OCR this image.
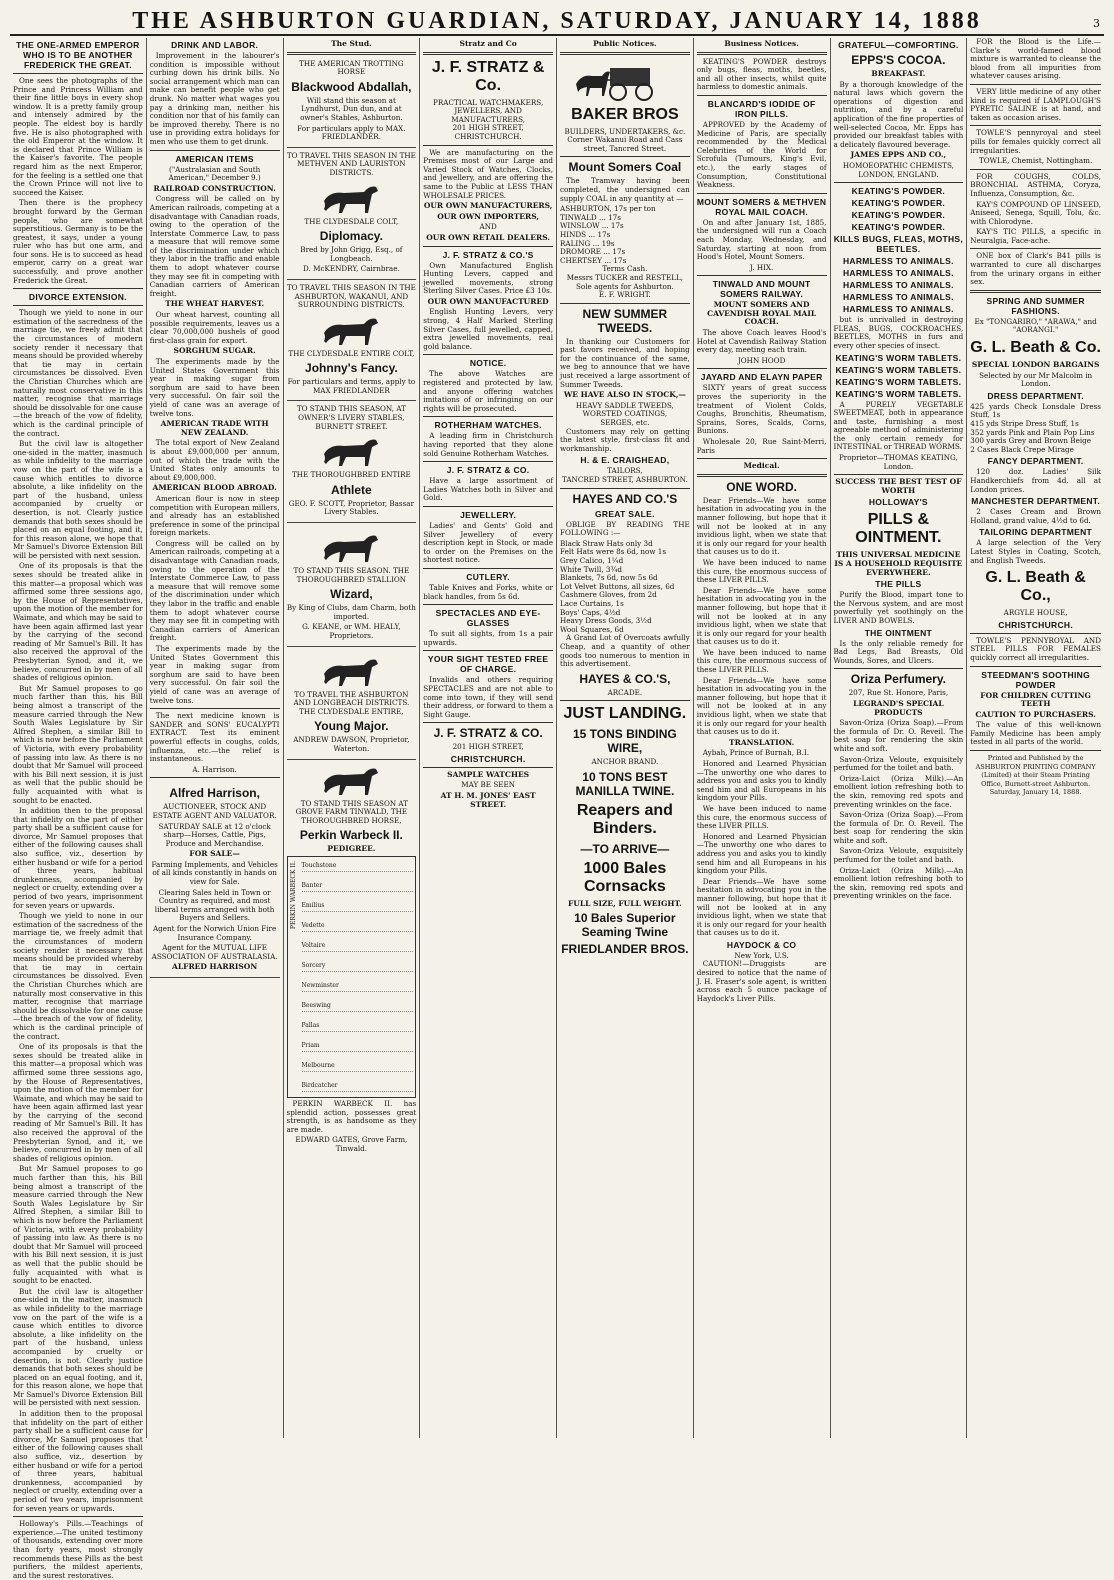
THE ASHBURTON GUARDIAN, SATURDAY, JANUARY 14, 1888	3
THE ONE-ARMED EMPEROR WHO IS TO BE ANOTHER FREDERICK THE GREAT.

One sees the photographs of the Prince and Princess William and their fine little boys in every shop window. It is a pretty family group and intensely admired by the people. The eldest boy is hardly five. He is also photographed with the old Emperor at the window. It is declared that Prince William is the Kaiser's favorite. The people regard him as the next Emperor, for the feeling is a settled one that the Crown Prince will not live to succeed the Kaiser.

Then there is the prophecy brought forward by the German people, who are somewhat superstitious. Germany is to be the greatest, it says, under a young ruler who has but one arm, and four sons. He is to succeed as head emperor, carry on a great war successfully, and prove another Frederick the Great.

DIVORCE EXTENSION.

Though we yield to none in our estimation of the sacredness of the marriage tie, we freely admit that the circumstances of modern society render it necessary that means should be provided whereby that tie may in certain circumstances be dissolved. Even the Christian Churches which are naturally most conservative in this matter, recognise that marriage should be dissolvable for one cause—the breach of the vow of fidelity, which is the cardinal principle of the contract.

But the civil law is altogether one-sided in the matter, inasmuch as while infidelity to the marriage vow on the part of the wife is a cause which entitles to divorce absolute, a like infidelity on the part of the husband, unless accompanied by cruelty or desertion, is not. Clearly justice demands that both sexes should be placed on an equal footing, and it, for this reason alone, we hope that Mr Samuel's Divorce Extension Bill will be persisted with next session.

One of its proposals is that the sexes should be treated alike in this matter—a proposal which was affirmed some three sessions ago, by the House of Representatives, upon the motion of the member for Waimate, and which may be said to have been again affirmed last year by the carrying of the second reading of Mr Samuel's Bill. It has also received the approval of the Presbyterian Synod, and it, we believe, concurred in by men of all shades of religious opinion.

But Mr Samuel proposes to go much farther than this, his Bill being almost a transcript of the measure carried through the New South Wales Legislature by Sir Alfred Stephen, a similar Bill to which is now before the Parliament of Victoria, with every probability of passing into law. As there is no doubt that Mr Samuel will proceed with his Bill next session, it is just as well that the public should be fully acquainted with what is sought to be enacted.

In addition then to the proposal that infidelity on the part of either party shall be a sufficient cause for divorce, Mr Samuel proposes that either of the following causes shall also suffice, viz., desertion by either husband or wife for a period of three years, habitual drunkenness, accompanied by neglect or cruelty, extending over a period of two years, imprisonment for seven years or upwards.

Though we yield to none in our estimation of the sacredness of the marriage tie, we freely admit that the circumstances of modern society render it necessary that means should be provided whereby that tie may in certain circumstances be dissolved. Even the Christian Churches which are naturally most conservative in this matter, recognise that marriage should be dissolvable for one cause—the breach of the vow of fidelity, which is the cardinal principle of the contract.

One of its proposals is that the sexes should be treated alike in this matter—a proposal which was affirmed some three sessions ago, by the House of Representatives, upon the motion of the member for Waimate, and which may be said to have been again affirmed last year by the carrying of the second reading of Mr Samuel's Bill. It has also received the approval of the Presbyterian Synod, and it, we believe, concurred in by men of all shades of religious opinion.

But Mr Samuel proposes to go much farther than this, his Bill being almost a transcript of the measure carried through the New South Wales Legislature by Sir Alfred Stephen, a similar Bill to which is now before the Parliament of Victoria, with every probability of passing into law. As there is no doubt that Mr Samuel will proceed with his Bill next session, it is just as well that the public should be fully acquainted with what is sought to be enacted.

But the civil law is altogether one-sided in the matter, inasmuch as while infidelity to the marriage vow on the part of the wife is a cause which entitles to divorce absolute, a like infidelity on the part of the husband, unless accompanied by cruelty or desertion, is not. Clearly justice demands that both sexes should be placed on an equal footing, and it, for this reason alone, we hope that Mr Samuel's Divorce Extension Bill will be persisted with next session.

In addition then to the proposal that infidelity on the part of either party shall be a sufficient cause for divorce, Mr Samuel proposes that either of the following causes shall also suffice, viz., desertion by either husband or wife for a period of three years, habitual drunkenness, accompanied by neglect or cruelty, extending over a period of two years, imprisonment for seven years or upwards.

Holloway's Pills.—Teachings of experience.—The united testimony of thousands, extending over more than forty years, most strongly recommends these Pills as the best purifiers, the mildest aperients, and the surest restoratives.

DRINK AND LABOR.

Improvement in the labourer's condition is impossible without curbing down his drink bills. No social arrangement which man can make can benefit people who get drunk. No matter what wages you pay a drinking man, neither his condition nor that of his family can be improved thereby. There is no use in providing extra holidays for men who use them to get drunk.

AMERICAN ITEMS
("Australasian and South American," December 9.)
RAILROAD CONSTRUCTION.

Congress will be called on by American railroads, competing at a disadvantage with Canadian roads, owing to the operation of the Interstate Commerce Law, to pass a measure that will remove some of the discrimination under which they labor in the traffic and enable them to adopt whatever course they may see fit in competing with Canadian carriers of American freight.

THE WHEAT HARVEST.

Our wheat harvest, counting all possible requirements, leaves us a clear 70,000,000 bushels of good first-class grain for export.

SORGHUM SUGAR.

The experiments made by the United States Government this year in making sugar from sorghum are said to have been very successful. On fair soil the yield of cane was an average of twelve tons.

AMERICAN TRADE WITH NEW ZEALAND.

The total export of New Zealand is about £9,000,000 per annum, out of which the trade with the United States only amounts to about £9,000,000.

AMERICAN BLOOD ABROAD.

American flour is now in steep competition with European millers, and already has an established preference in some of the principal foreign markets.

Congress will be called on by American railroads, competing at a disadvantage with Canadian roads, owing to the operation of the Interstate Commerce Law, to pass a measure that will remove some of the discrimination under which they labor in the traffic and enable them to adopt whatever course they may see fit in competing with Canadian carriers of American freight.

The experiments made by the United States Government this year in making sugar from sorghum are said to have been very successful. On fair soil the yield of cane was an average of twelve tons.

The next medicine known is SANDER and SONS' EUCALYPTI EXTRACT. Test its eminent powerful effects in coughs, colds, influenza, etc.—the relief is instantaneous.

A. Harrison.
Alfred Harrison,

AUCTIONEER, STOCK AND ESTATE AGENT AND VALUATOR.

SATURDAY SALE at 12 o'clock sharp—Horses, Cattle, Pigs, Produce and Merchandise.

FOR SALE—

Farming Implements, and Vehicles of all kinds constantly in hands on view for Sale.

Clearing Sales held in Town or Country as required, and most liberal terms arranged with both Buyers and Sellers.

Agent for the Norwich Union Fire Insurance Company.

Agent for the MUTUAL LIFE ASSOCIATION OF AUSTRALASIA.

ALFRED HARRISON
The Stud.

THE AMERICAN TROTTING HORSE

Blackwood Abdallah,

Will stand this season at Lyndhurst, Dun dun, and at owner's Stables, Ashburton.

For particulars apply to MAX. FRIEDLANDER.

TO TRAVEL THIS SEASON IN THE METHVEN AND LAURISTON DISTRICTS.

THE CLYDESDALE COLT,

Diplomacy.

Bred by John Grigg, Esq., of Longbeach.

D. McKENDRY, Cairnbrae.

TO TRAVEL THIS SEASON IN THE ASHBURTON, WAKANUI, AND SURROUNDING DISTRICTS.

THE CLYDESDALE ENTIRE COLT,

Johnny's Fancy.

For particulars and terms, apply to MAX FRIEDLANDER

TO STAND THIS SEASON, AT OWNER'S LIVERY STABLES, BURNETT STREET.

THE THOROUGHBRED ENTIRE

Athlete

GEO. F. SCOTT, Proprietor, Bassar Livery Stables.

TO STAND THIS SEASON. THE THOROUGHBRED STALLION

Wizard,

By King of Clubs, dam Charm, both imported.

G. KEANE, or WM. HEALY, Proprietors.

TO TRAVEL THE ASHBURTON AND LONGBEACH DISTRICTS. THE CLYDESDALE ENTIRE,

Young Major.

ANDREW DAWSON, Proprietor, Waterton.

TO STAND THIS SEASON AT GROVE FARM TINWALD, THE THOROUGHBRED HORSE,

Perkin Warbeck II.
PEDIGREE.
PERKIN WARBECK II. Touchstone
Banter
Emilius
Vedette
Voltaire
Sorcery
Newminster
Beeswing
Pallas
Priam
Melbourne
Birdcatcher

PERKIN WARBECK II. has splendid action, possesses great strength, is as handsome as they are made.

EDWARD GATES, Grove Farm, Tinwald.
Stratz and Co
J. F. STRATZ & Co.
PRACTICAL WATCHMAKERS, JEWELLERS, AND MANUFACTURERS,
201 HIGH STREET, CHRISTCHURCH.

We are manufacturing on the Premises most of our Large and Varied Stock of Watches, Clocks, and Jewellery, and are offering the same to the Public at LESS THAN WHOLESALE PRICES.

OUR OWN MANUFACTURERS,
OUR OWN IMPORTERS,
AND
OUR OWN RETAIL DEALERS.
J. F. STRATZ & CO.'S

Own Manufactured English Hunting Levers, capped and jewelled movements, strong Sterling Silver Cases. Price £3 10s.

OUR OWN MANUFACTURED

English Hunting Levers, very strong, 4 Half Marked Sterling Silver Cases, full jewelled, capped, extra jewelled movements, real gold balance.

NOTICE.

The above Watches are registered and protected by law, and anyone offering watches imitations of or infringing on our rights will be prosecuted.

ROTHERHAM WATCHES.

A leading firm in Christchurch having reported that they alone sold Genuine Rotherham Watches.

J. F. STRATZ & CO.

Have a large assortment of Ladies Watches both in Silver and Gold.

JEWELLERY.

Ladies' and Gents' Gold and Silver Jewellery of every description kept in Stock, or made to order on the Premises on the shortest notice.

CUTLERY.

Table Knives and Forks, white or black handles, from 5s 6d.

SPECTACLES AND EYE-GLASSES

To suit all sights, from 1s a pair upwards.

YOUR SIGHT TESTED FREE OF CHARGE.

Invalids and others requiring SPECTACLES and are not able to come into town, if they will send their address, or forward to them a Sight Gauge.

J. F. STRATZ & CO.
201 HIGH STREET,
CHRISTCHURCH.
SAMPLE WATCHES
MAY BE SEEN
AT H. M. JONES' EAST STREET.
Public Notices.
BAKER BROS
BUILDERS, UNDERTAKERS, &c.
Corner Wakanui Road and Cass street, Tancred Street.
Mount Somers Coal

The Tramway having been completed, the undersigned can supply COAL in any quantity at —

ASHBURTON, 17s per ton
TINWALD ... 17s
WINSLOW ... 17s
HINDS ... 17s
RALING ... 19s
DROMORE ... 17s
CHERTSEY ... 17s
Terms Cash.
Messrs TUCKER and RESTELL, Sole agents for Ashburton.
E. F. WRIGHT.
NEW SUMMER TWEEDS.

In thanking our Customers for past favors received, and hoping for the continuance of the same, we beg to announce that we have just received a large assortment of Summer Tweeds.

WE HAVE ALSO IN STOCK,—
HEAVY SADDLE TWEEDS,
WORSTED COATINGS,
SERGES, etc.

Customers may rely on getting the latest style, first-class fit and workmanship.

H. & E. CRAIGHEAD,
TAILORS,
TANCRED STREET, ASHBURTON.
HAYES AND CO.'S
GREAT SALE.

OBLIGE BY READING THE FOLLOWING :—

Black Straw Hats only 3d
Felt Hats were 8s 6d, now 1s
Grey Calico, 1¼d
White Twill, 3¾d
Blankets, 7s 6d, now 5s 6d
Lot Velvet Buttons, all sizes, 6d
Cashmere Gloves, from 2d
Lace Curtains, 1s
Boys' Caps, 4½d
Heavy Dress Goods, 3½d
Wool Squares, 6d

A Grand Lot of Overcoats awfully Cheap, and a quantity of other goods too numerous to mention in this advertisement.

HAYES & CO.'S,
ARCADE.
JUST LANDING.
15 TONS BINDING WIRE,
ANCHOR BRAND.
10 TONS BEST MANILLA TWINE.
Reapers and Binders.
—TO ARRIVE—
1000 Bales Cornsacks
FULL SIZE, FULL WEIGHT.
10 Bales Superior Seaming Twine
FRIEDLANDER BROS.
Business Notices.

KEATING'S POWDER destroys only bugs, fleas, moths, beetles, and all other insects, whilst quite harmless to domestic animals.

BLANCARD'S IODIDE OF IRON PILLS.

APPROVED by the Academy of Medicine of Paris, are specially recommended by the Medical Celebrities of the World for Scrofula (Tumours, King's Evil, etc.), the early stages of Consumption, Constitutional Weakness.

MOUNT SOMERS & METHVEN ROYAL MAIL COACH.

On and after January 1st, 1885, the undersigned will run a Coach each Monday, Wednesday, and Saturday, starting at noon from Hood's Hotel, Mount Somers.

J. HIX.
TINWALD AND MOUNT SOMERS RAILWAY.
MOUNT SOMERS AND CAVENDISH ROYAL MAIL COACH.

The above Coach leaves Hood's Hotel at Cavendish Railway Station every day, meeting each train.

JOHN HOOD
JAYARD AND ELAYN PAPER

SIXTY years of great success proves the superiority in the treatment of Violent Colds, Coughs, Bronchitis, Rheumatism, Sprains, Sores, Scalds, Corns, Bunions.

Wholesale 20, Rue Saint-Merri, Paris

Medical.
ONE WORD.

Dear Friends—We have some hesitation in advocating you in the manner following, but hope that it will not be looked at in any invidious light, when we state that it is only our regard for your health that causes us to do it.

We have been induced to name this cure, the enormous success of these LIVER PILLS.

Dear Friends—We have some hesitation in advocating you in the manner following, but hope that it will not be looked at in any invidious light, when we state that it is only our regard for your health that causes us to do it.

We have been induced to name this cure, the enormous success of these LIVER PILLS.

Dear Friends—We have some hesitation in advocating you in the manner following, but hope that it will not be looked at in any invidious light, when we state that it is only our regard for your health that causes us to do it.

TRANSLATION.

Aybah, Prince of Burnah, B.I.

Honored and Learned Physician—The unworthy one who dares to address you and asks you to kindly send him and all Europeans in his kingdom your Pills.

We have been induced to name this cure, the enormous success of these LIVER PILLS.

Honored and Learned Physician—The unworthy one who dares to address you and asks you to kindly send him and all Europeans in his kingdom your Pills.

Dear Friends—We have some hesitation in advocating you in the manner following, but hope that it will not be looked at in any invidious light, when we state that it is only our regard for your health that causes us to do it.

HAYDOCK & CO
New York, U.S.

CAUTION!—Druggists are desired to notice that the name of J. H. Fraser's sole agent, is written across each 5 ounce package of Haydock's Liver Pills.

GRATEFUL—COMFORTING.
EPPS'S COCOA.
BREAKFAST.

By a thorough knowledge of the natural laws which govern the operations of digestion and nutrition, and by a careful application of the fine properties of well-selected Cocoa, Mr. Epps has provided our breakfast tables with a delicately flavoured beverage.

JAMES EPPS AND CO.,
HOMOEOPATHIC CHEMISTS, LONDON, ENGLAND.
KEATING'S POWDER.
KEATING'S POWDER.
KEATING'S POWDER.
KEATING'S POWDER.
KILLS BUGS, FLEAS, MOTHS, BEETLES.
HARMLESS TO ANIMALS.
HARMLESS TO ANIMALS.
HARMLESS TO ANIMALS.
HARMLESS TO ANIMALS.
HARMLESS TO ANIMALS.

but is unrivalled in destroying FLEAS, BUGS, COCKROACHES, BEETLES, MOTHS in furs and every other species of insect.

KEATING'S WORM TABLETS.
KEATING'S WORM TABLETS.
KEATING'S WORM TABLETS.
KEATING'S WORM TABLETS.

A PURELY VEGETABLE SWEETMEAT, both in appearance and taste, furnishing a most agreeable method of administering the only certain remedy for INTESTINAL or THREAD WORMS.

Proprietor—THOMAS KEATING, London.
SUCCESS THE BEST TEST OF WORTH
HOLLOWAY'S
PILLS & OINTMENT.
THIS UNIVERSAL MEDICINE IS A HOUSEHOLD REQUISITE EVERYWHERE.
THE PILLS

Purify the Blood, impart tone to the Nervous system, and are most powerfully yet soothingly on the LIVER AND BOWELS.

THE OINTMENT

Is the only reliable remedy for Bad Legs, Bad Breasts, Old Wounds, Sores, and Ulcers.

Oriza Perfumery.
207, Rue St. Honore, Paris,
LEGRAND'S SPECIAL PRODUCTS

Savon-Oriza (Oriza Soap).—From the formula of Dr. O. Reveil. The best soap for rendering the skin white and soft.

Savon-Oriza Veloute, exquisitely perfumed for the toilet and bath.

Oriza-Laict (Oriza Milk).—An emollient lotion refreshing both to the skin, removing red spots and preventing wrinkles on the face.

Savon-Oriza (Oriza Soap).—From the formula of Dr. O. Reveil. The best soap for rendering the skin white and soft.

Savon-Oriza Veloute, exquisitely perfumed for the toilet and bath.

Oriza-Laict (Oriza Milk).—An emollient lotion refreshing both to the skin, removing red spots and preventing wrinkles on the face.

FOR the Blood is the Life.—Clarke's world-famed blood mixture is warranted to cleanse the blood from all impurities from whatever causes arising.

VERY little medicine of any other kind is required if LAMPLOUGH'S PYRETIC SALINE is at hand, and taken as occasion arises.

TOWLE'S pennyroyal and steel pills for females quickly correct all irregularities.

TOWLE, Chemist, Nottingham.

FOR COUGHS, COLDS, BRONCHIAL ASTHMA, Coryza, Influenza, Consumption, &c.

KAY'S COMPOUND OF LINSEED, Aniseed, Senega, Squill, Tolu, &c. with Chlorodyne.

KAY'S TIC PILLS, a specific in Neuralgia, Face-ache.

ONE box of Clark's B41 pills is warranted to cure all discharges from the urinary organs in either sex.

SPRING AND SUMMER FASHIONS.
Ex "TONGARIRO," "ARAWA," and "AORANGI."
G. L. Beath & Co.
SPECIAL LONDON BARGAINS
Selected by our Mr Malcolm in London.
DRESS DEPARTMENT.
425 yards Check Lonsdale Dress Stuff, 1s
415 yds Stripe Dress Stuff, 1s
352 yards Pink and Plain Pop Lins
300 yards Grey and Brown Beige
2 Cases Black Crepe Mirage
FANCY DEPARTMENT.

120 doz. Ladies' Silk Handkerchiefs from 4d. all at London prices.

MANCHESTER DEPARTMENT.

2 Cases Cream and Brown Holland, grand value, 4½d to 6d.

TAILORING DEPARTMENT

A large selection of the Very Latest Styles in Coating, Scotch, and English Tweeds.

G. L. Beath & Co.,
ARGYLE HOUSE,
CHRISTCHURCH.

TOWLE'S PENNYROYAL AND STEEL PILLS FOR FEMALES quickly correct all irregularities.

STEEDMAN'S SOOTHING POWDER
FOR CHILDREN CUTTING TEETH
CAUTION TO PURCHASERS.

The value of this well-known Family Medicine has been amply tested in all parts of the world.

Printed and Published by the ASHBURTON PRINTING COMPANY (Limited) at their Steam Printing Office, Burnett-street Ashburton.
Saturday, January 14, 1888.
